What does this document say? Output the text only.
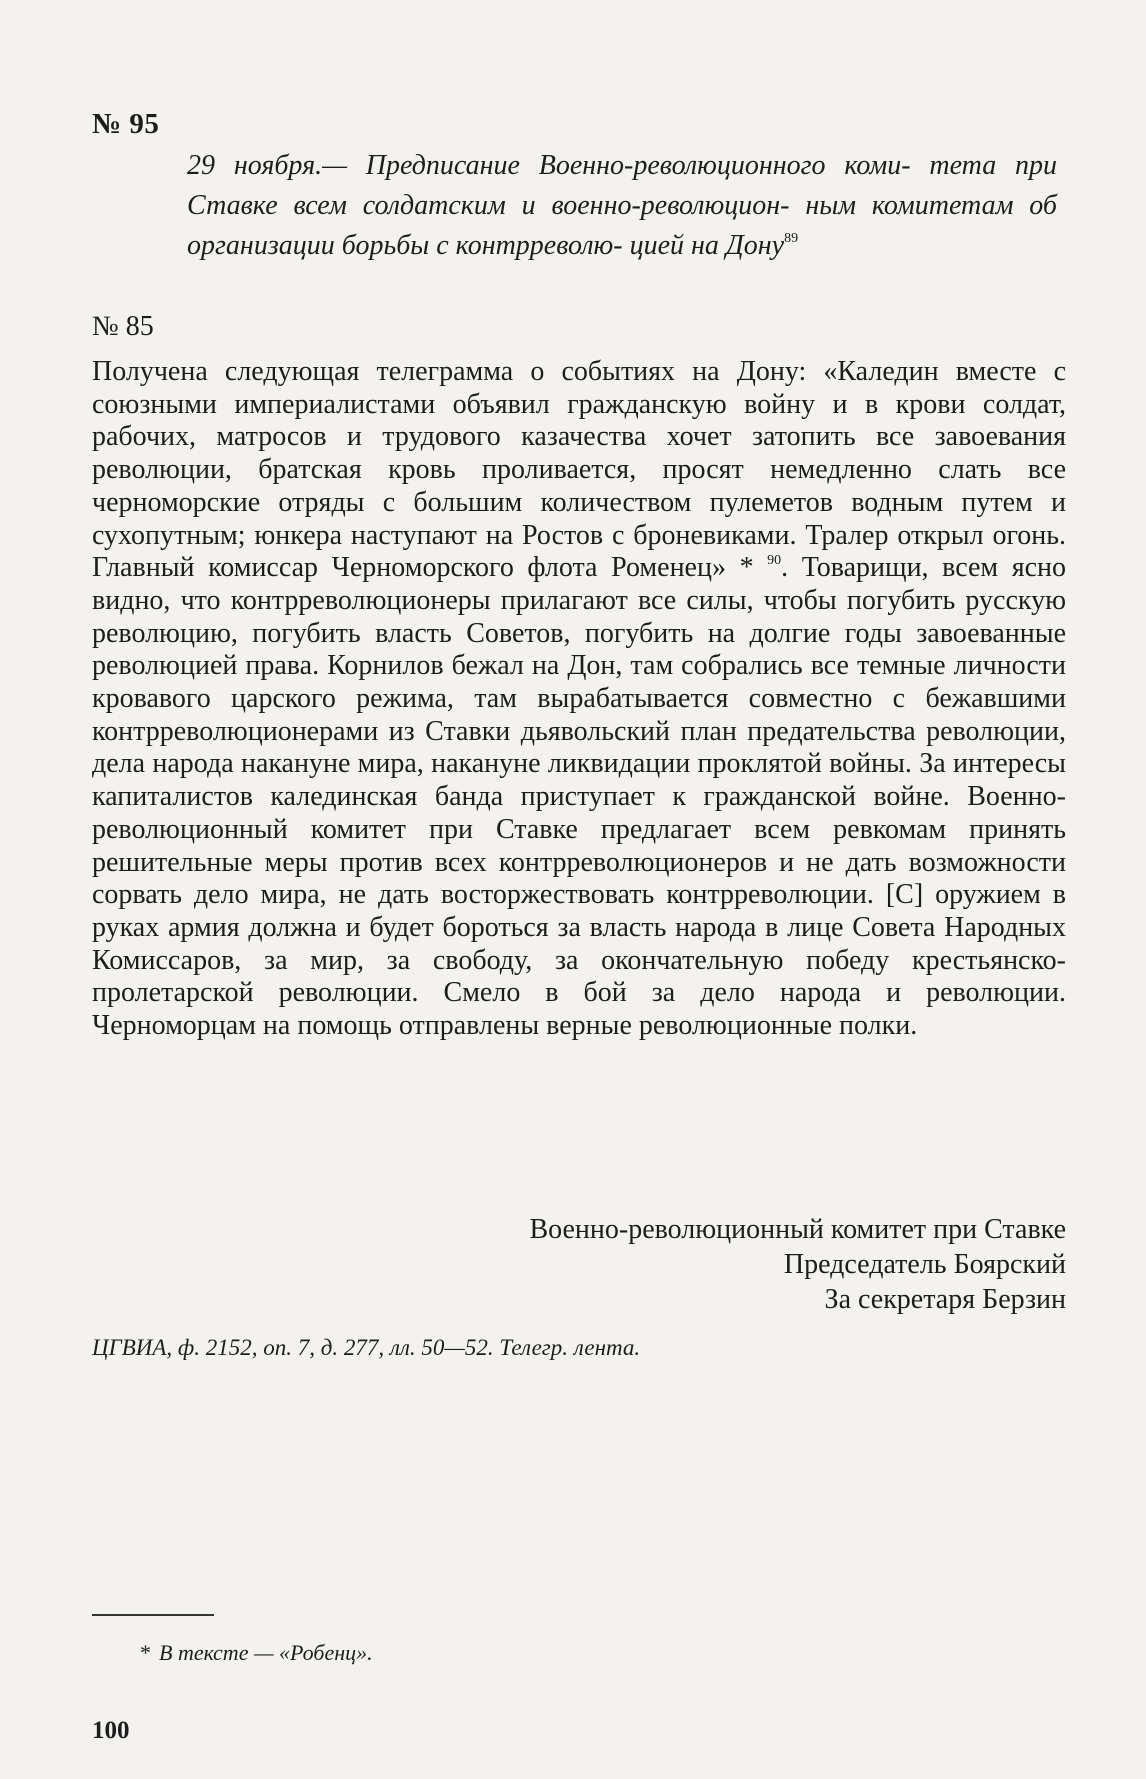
№ 95
29 ноября.— Предписание Военно-революционного коми- тета при Ставке всем солдатским и военно-революцион- ным комитетам об организации борьбы с контрреволю- цией на Дону$^{89}$
№ 85

Получена следующая телеграмма о событиях на Дону: «Каледин вместе с союзными империалистами объявил гражданскую войну и в крови солдат, рабочих, матросов и трудового казачества хочет затопить все завоевания революции, братская кровь проливается, просят немедленно слать все черноморские отряды с большим количеством пулеметов водным путем и сухопутным; юнкера наступают на Ростов с броневиками. Тралер открыл огонь. Главный комиссар Черноморского флота Роменец» * $^{90}$. Товарищи, всем ясно видно, что контрреволюционеры прилагают все силы, чтобы погубить русскую революцию, погубить власть Советов, погубить на долгие годы завоеванные революцией права. Корнилов бежал на Дон, там собрались все темные личности кровавого царского режима, там вырабатывается совместно с бежавшими контрреволюционерами из Ставки дьявольский план предательства революции, дела народа накануне мира, накануне ликвидации проклятой войны. За интересы капиталистов калединская банда приступает к гражданской войне. Военно-революционный комитет при Ставке предлагает всем ревкомам принять решительные меры против всех контрреволюционеров и не дать возможности сорвать дело мира, не дать восторжествовать контрреволюции. [С] оружием в руках армия должна и будет бороться за власть народа в лице Совета Народных Комиссаров, за мир, за свободу, за окончательную победу крестьянско-пролетарской революции. Смело в бой за дело народа и революции. Черноморцам на помощь отправлены верные революционные полки.

Военно-революционный комитет при Ставке
Председатель Боярский
За секретаря Берзин
ЦГВИА, ф. 2152, оп. 7, д. 277, лл. 50—52. Телегр. лента.
* В тексте — «Робенц».
100
